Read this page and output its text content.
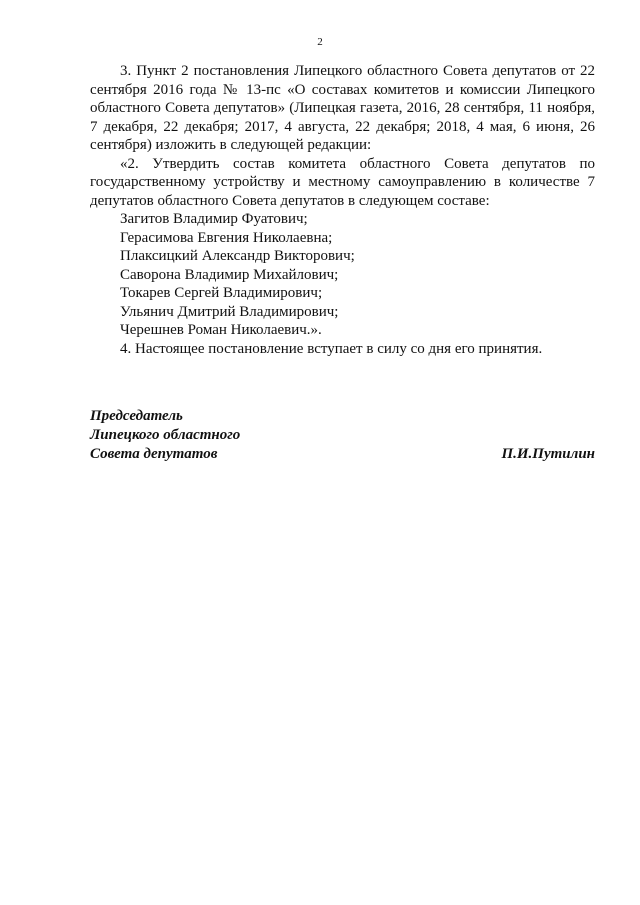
2

3. Пункт 2 постановления Липецкого областного Совета депутатов от 22 сентября 2016 года № 13-пс «О составах комитетов и комиссии Липецкого областного Совета депутатов» (Липецкая газета, 2016, 28 сентября, 11 ноября, 7 декабря, 22 декабря; 2017, 4 августа, 22 декабря; 2018, 4 мая, 6 июня, 26 сентября) изложить в следующей редакции:

«2. Утвердить состав комитета областного Совета депутатов по государственному устройству и местному самоуправлению в количестве 7 депутатов областного Совета депутатов в следующем составе:

Загитов Владимир Фуатович;
Герасимова Евгения Николаевна;
Плаксицкий Александр Викторович;
Саворона Владимир Михайлович;
Токарев Сергей Владимирович;
Ульянич Дмитрий Владимирович;
Черешнев Роман Николаевич.».

4. Настоящее постановление вступает в силу со дня его принятия.

Председатель
Липецкого областного
Совета депутатов	П.И.Путилин
